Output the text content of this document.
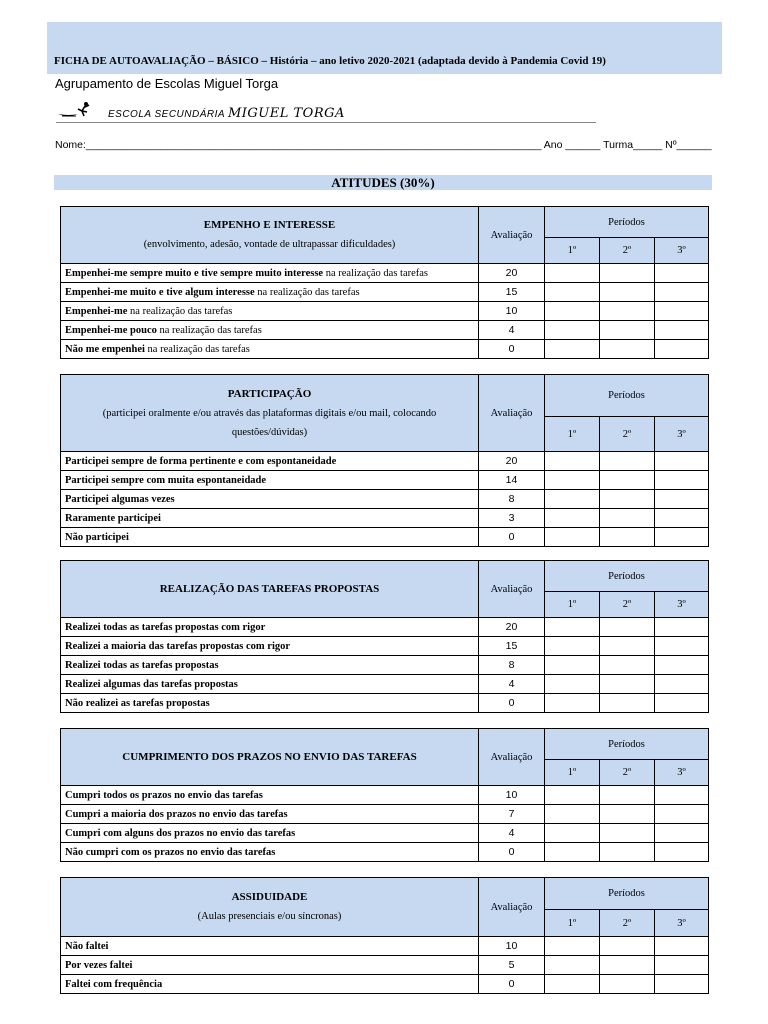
FICHA DE AUTOAVALIAÇÃO – BÁSICO – História – ano letivo 2020-2021 (adaptada devido à Pandemia Covid 19)
Agrupamento de Escolas Miguel Torga
ESCOLA SECUNDÁRIA MIGUEL TORGA
Nome:______________________________________________________________________________ Ano ______ Turma_____ Nº______
ATITUDES (30%)
EMPENHO E INTERESSE
(envolvimento, adesão, vontade de ultrapassar dificuldades)	Avaliação	Períodos		
		1º	2º	3º
Empenhei-me sempre muito e tive sempre muito interesse na realização das tarefas	20			
Empenhei-me muito e tive algum interesse na realização das tarefas	15			
Empenhei-me na realização das tarefas	10			
Empenhei-me pouco na realização das tarefas	4			
Não me empenhei na realização das tarefas	0			
PARTICIPAÇÃO
(participei oralmente e/ou através das plataformas digitais e/ou mail, colocando questões/dúvidas)	Avaliação	Períodos		
		1º	2º	3º
Participei sempre de forma pertinente e com espontaneidade	20			
Participei sempre com muita espontaneidade	14			
Participei algumas vezes	8			
Raramente participei	3			
Não participei	0			
REALIZAÇÃO DAS TAREFAS PROPOSTAS	Avaliação	Períodos		
		1º	2º	3º
Realizei todas as tarefas propostas com rigor	20			
Realizei a maioria das tarefas propostas com rigor	15			
Realizei todas as tarefas propostas	8			
Realizei algumas das tarefas propostas	4			
Não realizei as tarefas propostas	0			
CUMPRIMENTO DOS PRAZOS NO ENVIO DAS TAREFAS	Avaliação	Períodos		
		1º	2º	3º
Cumpri todos os prazos no envio das tarefas	10			
Cumpri a maioria dos prazos no envio das tarefas	7			
Cumpri com alguns dos prazos no envio das tarefas	4			
Não cumpri com os prazos no envio das tarefas	0			
ASSIDUIDADE
(Aulas presenciais e/ou síncronas)	Avaliação	Períodos		
		1º	2º	3º
Não faltei	10			
Por vezes faltei	5			
Faltei com frequência	0			
